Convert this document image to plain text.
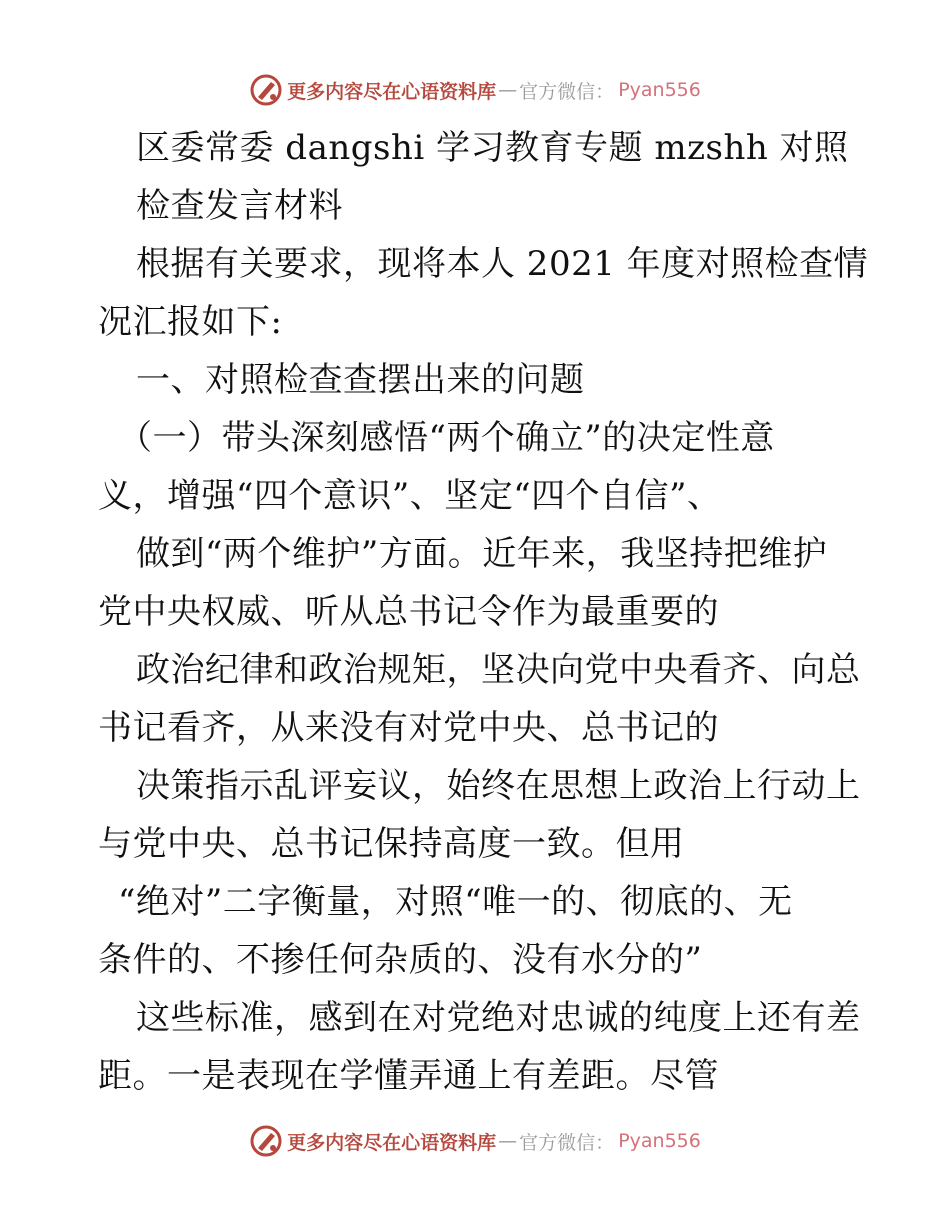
更多内容尽在心语资料库 — 官方微信： Pyan556
区委常委 dangshi 学习教育专题 mzshh 对照
检查发言材料
根据有关要求，现将本人 2021 年度对照检查情
况汇报如下:
一、对照检查查摆出来的问题
（一）带头深刻感悟“两个确立”的决定性意
义，增强“四个意识”、坚定“四个自信”、
做到“两个维护”方面。近年来，我坚持把维护
党中央权威、听从总书记令作为最重要的
政治纪律和政治规矩，坚决向党中央看齐、向总
书记看齐，从来没有对党中央、总书记的
决策指示乱评妄议，始终在思想上政治上行动上
与党中央、总书记保持高度一致。但用
“绝对”二字衡量，对照“唯一的、彻底的、无
条件的、不掺任何杂质的、没有水分的”
这些标准，感到在对党绝对忠诚的纯度上还有差
距。一是表现在学懂弄通上有差距。尽管
更多内容尽在心语资料库 — 官方微信： Pyan556
